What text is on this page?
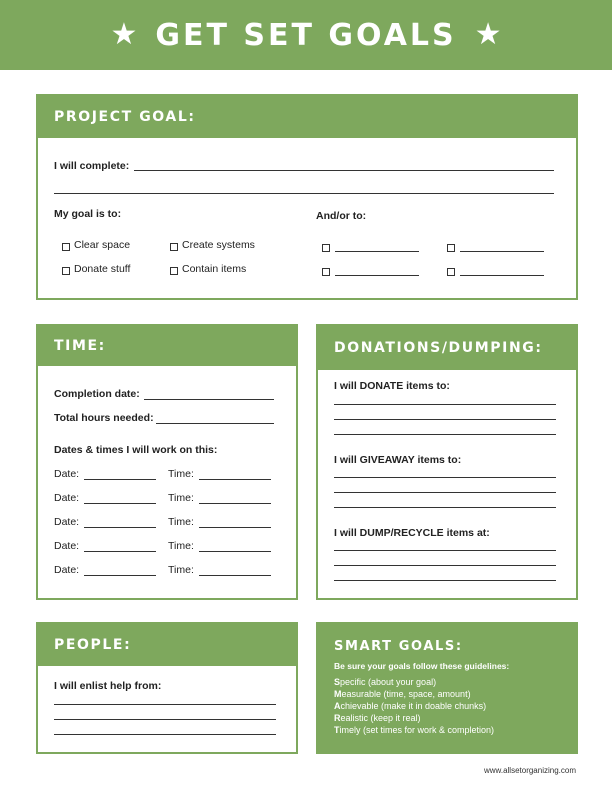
★ GET SET GOALS ★
PROJECT GOAL:
I will complete:
My goal is to:	And/or to:
Clear space	Create systems
Donate stuff	Contain items
TIME:
Completion date:
Total hours needed:
Dates & times I will work on this:
Date:	Time:
Date:	Time:
Date:	Time:
Date:	Time:
Date:	Time:
DONATIONS/DUMPING:
I will DONATE items to:
I will GIVEAWAY items to:
I will DUMP/RECYCLE items at:
PEOPLE:
I will enlist help from:
SMART GOALS:
Be sure your goals follow these guidelines:
Specific (about your goal)
Measurable (time, space, amount)
Achievable (make it in doable chunks)
Realistic (keep it real)
Timely (set times for work & completion)
www.allsetorganizing.com
